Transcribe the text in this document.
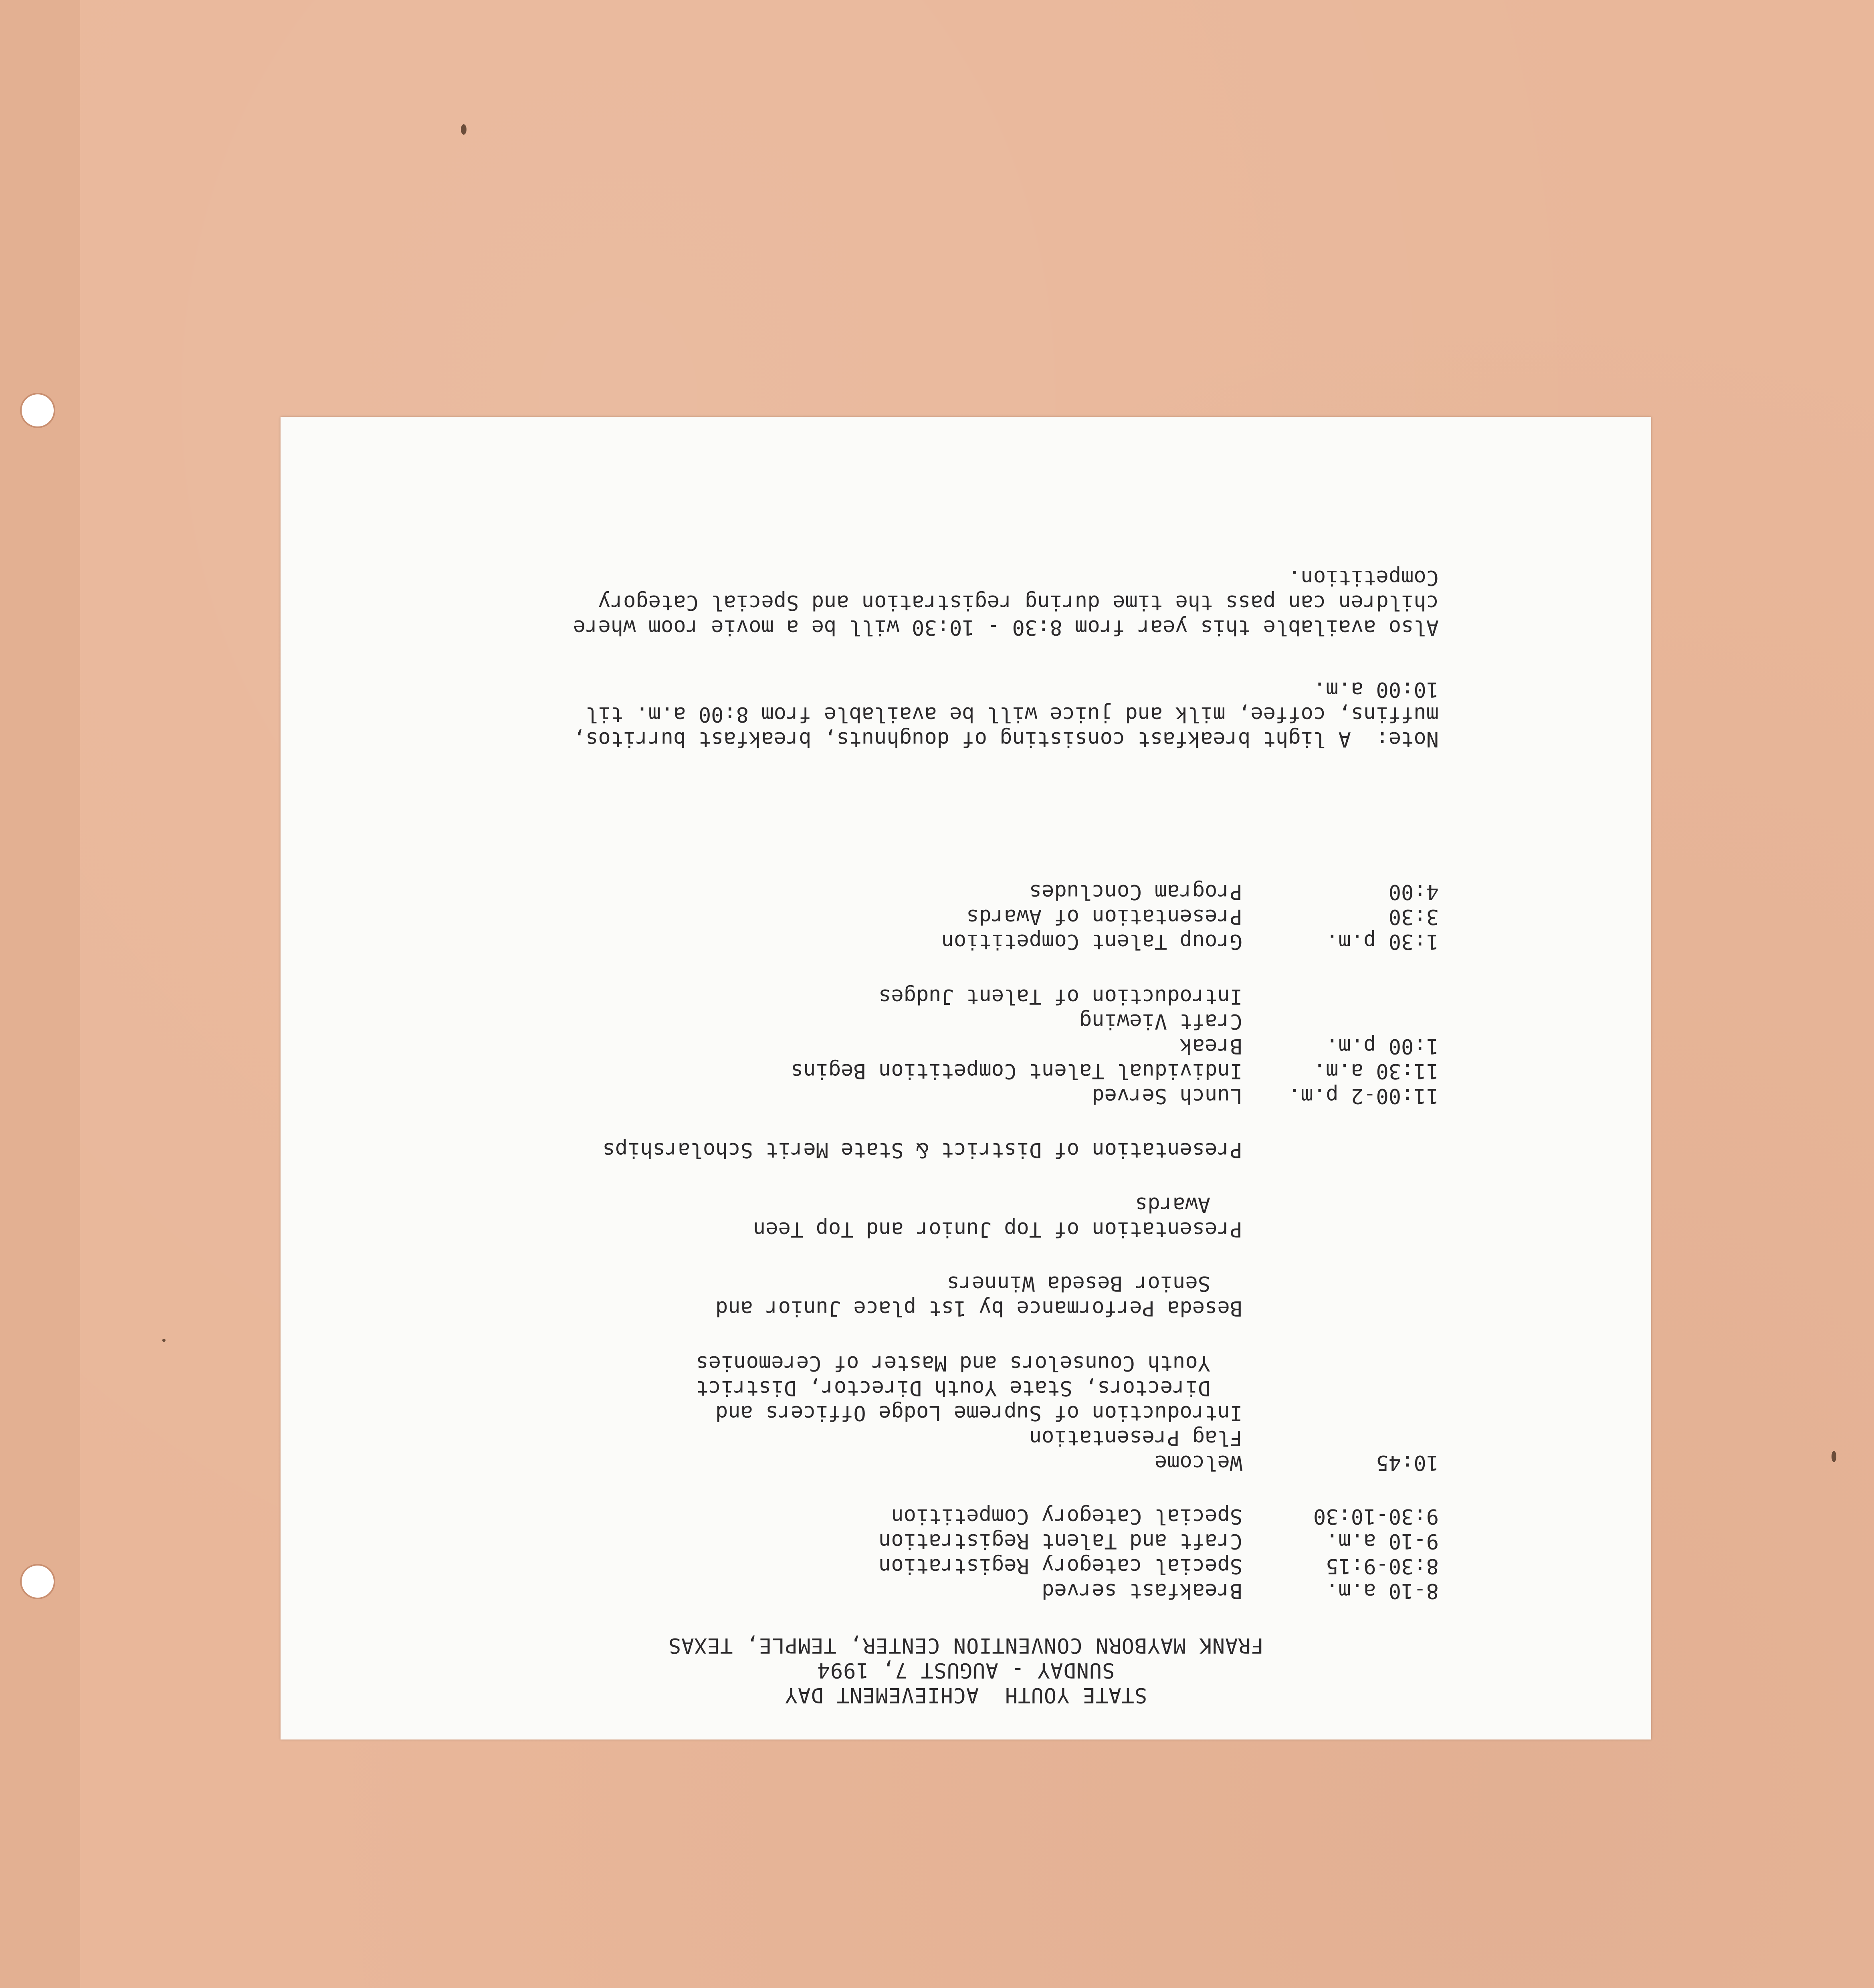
STATE YOUTH  ACHIEVEMENT DAY
SUNDAY - AUGUST 7, 1994
FRANK MAYBORN CONVENTION CENTER, TEMPLE, TEXAS
8-10 a.m.
Breakfast served
8:30-9:15
Special category Registration
9-10 a.m.
Craft and Talent Registration
9:30-10:30
Special Category Competition
10:45
Welcome
Flag Presentation
Introduction of Supreme Lodge Officers and
Directors, State Youth Director, District
Youth Counselors and Master of Ceremonies
Beseda Performance by 1st place Junior and
Senior Beseda Winners
Presentation of Top Junior and Top Teen
Awards
Presentation of District & State Merit Scholarships
11:00-2 p.m.
Lunch Served
11:30 a.m.
Individual Talent Competition Begins
1:00 p.m.
Break
Craft Viewing
Introduction of Talent Judges
1:30 p.m.
Group Talent Competition
3:30
Presentation of Awards
4:00
Program Concludes
Note:  A light breakfast consisting of doughnuts, breakfast burritos,
muffins, coffee, milk and juice will be available from 8:00 a.m. til
10:00 a.m.
Also available this year from 8:30 - 10:30 will be a movie room where
children can pass the time during registration and Special Category
Competition.
